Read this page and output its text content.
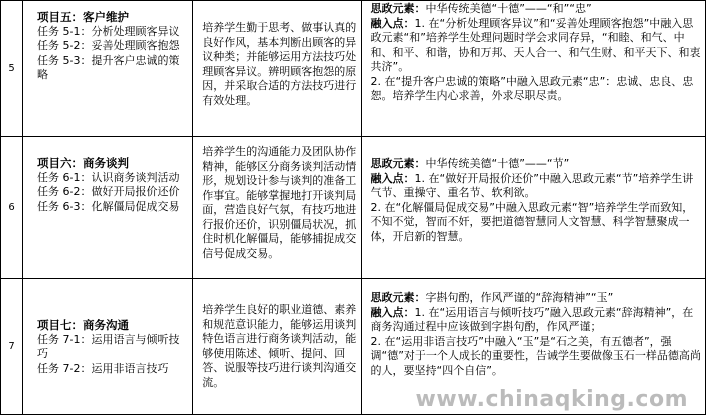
5	项目五：客户维护
任务 5-1：分析处理顾客异议
任务 5-2：妥善处理顾客抱怨
任务 5-3：提升客户忠诚的策略	培养学生勤于思考、做事认真的良好作风，基本判断出顾客的异议种类；并能够运用方法技巧处理顾客异议。辨明顾客抱怨的原因，并采取合适的方法技巧进行有效处理。	思政元素：中华传统美德“十德”——“和”“忠”
融入点：1. 在“分析处理顾客异议”和“妥善处理顾客抱怨”中融入思政元素“和”培养学生处理问题时学会求同存异，“和睦、和气、中和、和平、和谐，协和万邦、天人合一、和气生财、和平天下、和衷共济”。
2. 在“提升客户忠诚的策略”中融入思政元素“忠”：忠诚、忠良、忠恕。培养学生内心求善，外求尽职尽责。

6	项目六：商务谈判
任务 6-1：认识商务谈判活动
任务 6-2：做好开局报价还价
任务 6-3：化解僵局促成交易	培养学生的沟通能力及团队协作精神，能够区分商务谈判活动情形，规划设计参与谈判的准备工作事宜。能够掌握地打开谈判局面，营造良好气氛，有技巧地进行报价还价，识别僵局状况，抓住时机化解僵局，能够捕捉成交信号促成交易。	思政元素：中华传统美德“十德”——“节”
融入点：1. 在“做好开局报价还价”中融入思政元素“节”培养学生讲气节、重操守、重名节、软利欲。
2. 在“化解僵局促成交易”中融入思政元素“智”培养学生学而致知，不知不觉，智而不奸，要把道德智慧同人文智慧、科学智慧聚成一体，开启新的智慧。

7	项目七：商务沟通
任务 7-1：运用语言与倾听技巧
任务 7-2：运用非语言技巧	培养学生良好的职业道德、素养和规范意识能力，能够运用谈判特色语言进行商务谈判活动，能够使用陈述、倾听、提问、回答、说服等技巧进行谈判沟通交流。	思政元素：字斟句酌，作风严谨的“辞海精神”“玉”
融入点：1. 在“运用语言与倾听技巧”融入思政元素“辞海精神”，在商务沟通过程中应该做到字斟句酌，作风严谨；
2. 在“运用非语言技巧”中融入“玉”是“石之美，有五德者”，强调“德”对于一个人成长的重要性，告诫学生要做像玉石一样品德高尚的人，要坚持“四个自信”。
www.chinaqking.com
